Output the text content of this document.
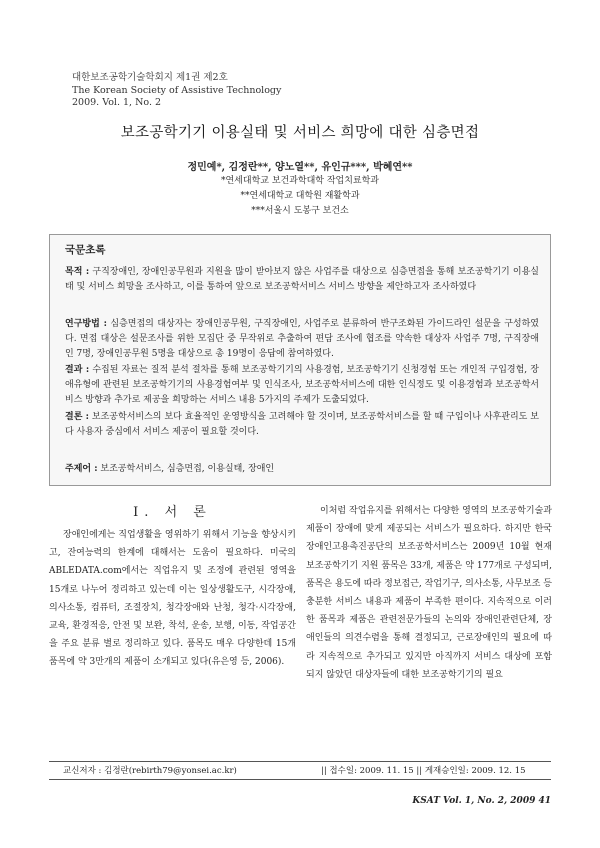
대한보조공학기술학회지 제1권 제2호
The Korean Society of Assistive Technology
2009. Vol. 1, No. 2
보조공학기기 이용실태 및 서비스 희망에 대한 심층면접
정민예*, 김정란**, 양노열**, 유인규***, 박혜연**
*연세대학교 보건과학대학 작업치료학과
**연세대학교 대학원 재활학과
***서울시 도봉구 보건소
국문초록
목적 : 구직장애인, 장애인공무원과 지원을 많이 받아보지 않은 사업주를 대상으로 심층면접을 통해 보조공학기기 이용실태 및 서비스 희망을 조사하고, 이를 통하여 앞으로 보조공학서비스 서비스 방향을 제안하고자 조사하였다
연구방법 : 심층면접의 대상자는 장애인공무원, 구직장애인, 사업주로 분류하여 반구조화된 가이드라인 설문을 구성하였다. 면접 대상은 설문조사를 위한 모집단 중 무작위로 추출하여 편담 조사에 협조를 약속한 대상자 사업주 7명, 구직장애인 7명, 장애인공무원 5명을 대상으로 총 19명이 응답에 참여하였다.
결과 : 수집된 자료는 질적 분석 절차를 통해 보조공학기기의 사용경험, 보조공학기기 신청경험 또는 개인적 구입경험, 장애유형에 관련된 보조공학기기의 사용경험여부 및 인식조사, 보조공학서비스에 대한 인식정도 및 이용경험과 보조공학서비스 방향과 추가로 제공을 희망하는 서비스 내용 5가지의 주제가 도출되었다.
결론 : 보조공학서비스의 보다 효율적인 운영방식을 고려해야 할 것이며, 보조공학서비스를 할 때 구입이나 사후관리도 보다 사용자 중심에서 서비스 제공이 필요할 것이다.
주제어 : 보조공학서비스, 심층면접, 이용실태, 장애인
I. 서 론

장애인에게는 직업생활을 영위하기 위해서 기능을 향상시키고, 잔여능력의 한계에 대해서는 도움이 필요하다. 미국의 ABLEDATA.com에서는 직업유지 및 조정에 관련된 영역을 15개로 나누어 정리하고 있는데 이는 일상생활도구, 시각장애, 의사소통, 컴퓨터, 조절장치, 청각장애와 난청, 청각·시각장애, 교육, 환경적응, 안전 및 보완, 착석, 운송, 보행, 이동, 작업공간을 주요 분류 별로 정리하고 있다. 품목도 매우 다양한데 15개 품목에 약 3만개의 제품이 소개되고 있다(유은영 등, 2006).

이처럼 작업유지를 위해서는 다양한 영역의 보조공학기술과 제품이 장애에 맞게 제공되는 서비스가 필요하다. 하지만 한국장애인고용촉진공단의 보조공학서비스는 2009년 10월 현재 보조공학기기 지원 품목은 33개, 제품은 약 177개로 구성되며, 품목은 용도에 따라 정보접근, 작업기구, 의사소통, 사무보조 등 충분한 서비스 내용과 제품이 부족한 편이다. 지속적으로 이러한 품목과 제품은 관련전문가들의 논의와 장애인관련단체, 장애인들의 의견수렴을 통해 결정되고, 근로장애인의 필요에 따라 지속적으로 추가되고 있지만 아직까지 서비스 대상에 포함되지 않았던 대상자들에 대한 보조공학기기의 필요

교신저자 : 김정란(rebirth79@yonsei.ac.kr)	|| 접수일: 2009. 11. 15 || 게재승인일: 2009. 12. 15
KSAT Vol. 1, No. 2, 2009 41
